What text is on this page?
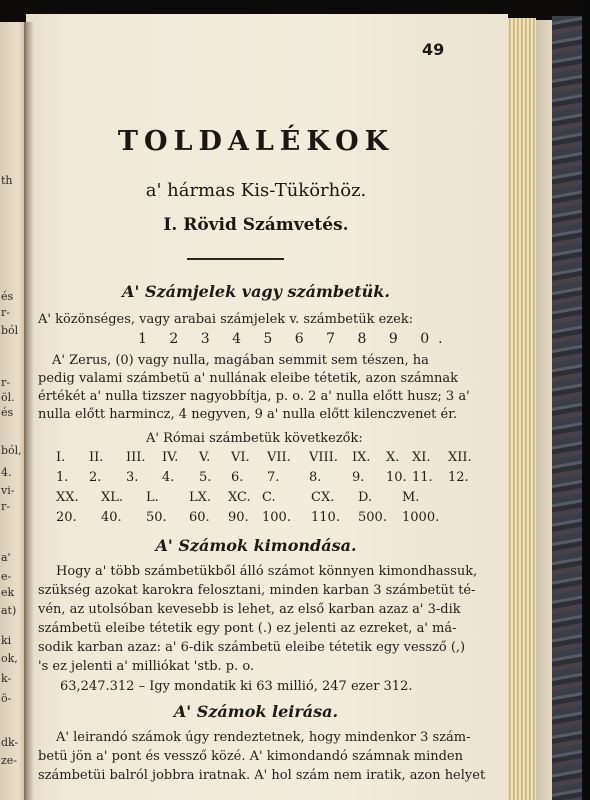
th
és
r-
ból
r-
öl.
és
ból,
4.
vi-
r-
a'
e-
ek
at)
ki
ok,
k-
ö-
dk-
ze-
49
TOLDALÉKOK
a' hármas Kis-Tükörhöz.
I. Rövid Számvetés.
A' Számjelek vagy számbetük.
A' közönséges, vagy arabai számjelek v. számbetük ezek:
1 2 3 4 5 6 7 8 9 0.
A' Zerus, (0) vagy nulla, magában semmit sem tészen, ha
pedig valami számbetü a' nullának eleibe tétetik, azon számnak
értékét a' nulla tizszer nagyobbítja, p. o. 2 a' nulla előtt husz; 3 a'
nulla előtt harmincz, 4 negyven, 9 a' nulla előtt kilenczvenet ér.
A' Római számbetük következők:
I. II. III. IV. V. VI. VII. VIII. IX. X. XI. XII.
1. 2. 3. 4. 5. 6. 7. 8. 9. 10. 11. 12.
XX. XL. L. LX. XC. C.	CX. D. M.
20. 40. 50. 60. 90. 100. 110. 500. 1000.
A' Számok kimondása.
Hogy a' több számbetükből álló számot könnyen kimondhassuk,
szükség azokat karokra felosztani, minden karban 3 számbetüt té-
vén, az utolsóban kevesebb is lehet, az első karban azaz a' 3-dik
számbetü eleibe tétetik egy pont (.) ez jelenti az ezreket, a' má-
sodik karban azaz: a' 6-dik számbetü eleibe tétetik egy vessző (,)
's ez jelenti a' milliókat 'stb. p. o.
63,247.312 – Igy mondatik ki 63 millió, 247 ezer 312.
A' Számok leirása.
A' leirandó számok úgy rendeztetnek, hogy mindenkor 3 szám-
betü jön a' pont és vessző közé. A' kimondandó számnak minden
számbetüi balról jobbra iratnak. A' hol szám nem iratik, azon helyet
